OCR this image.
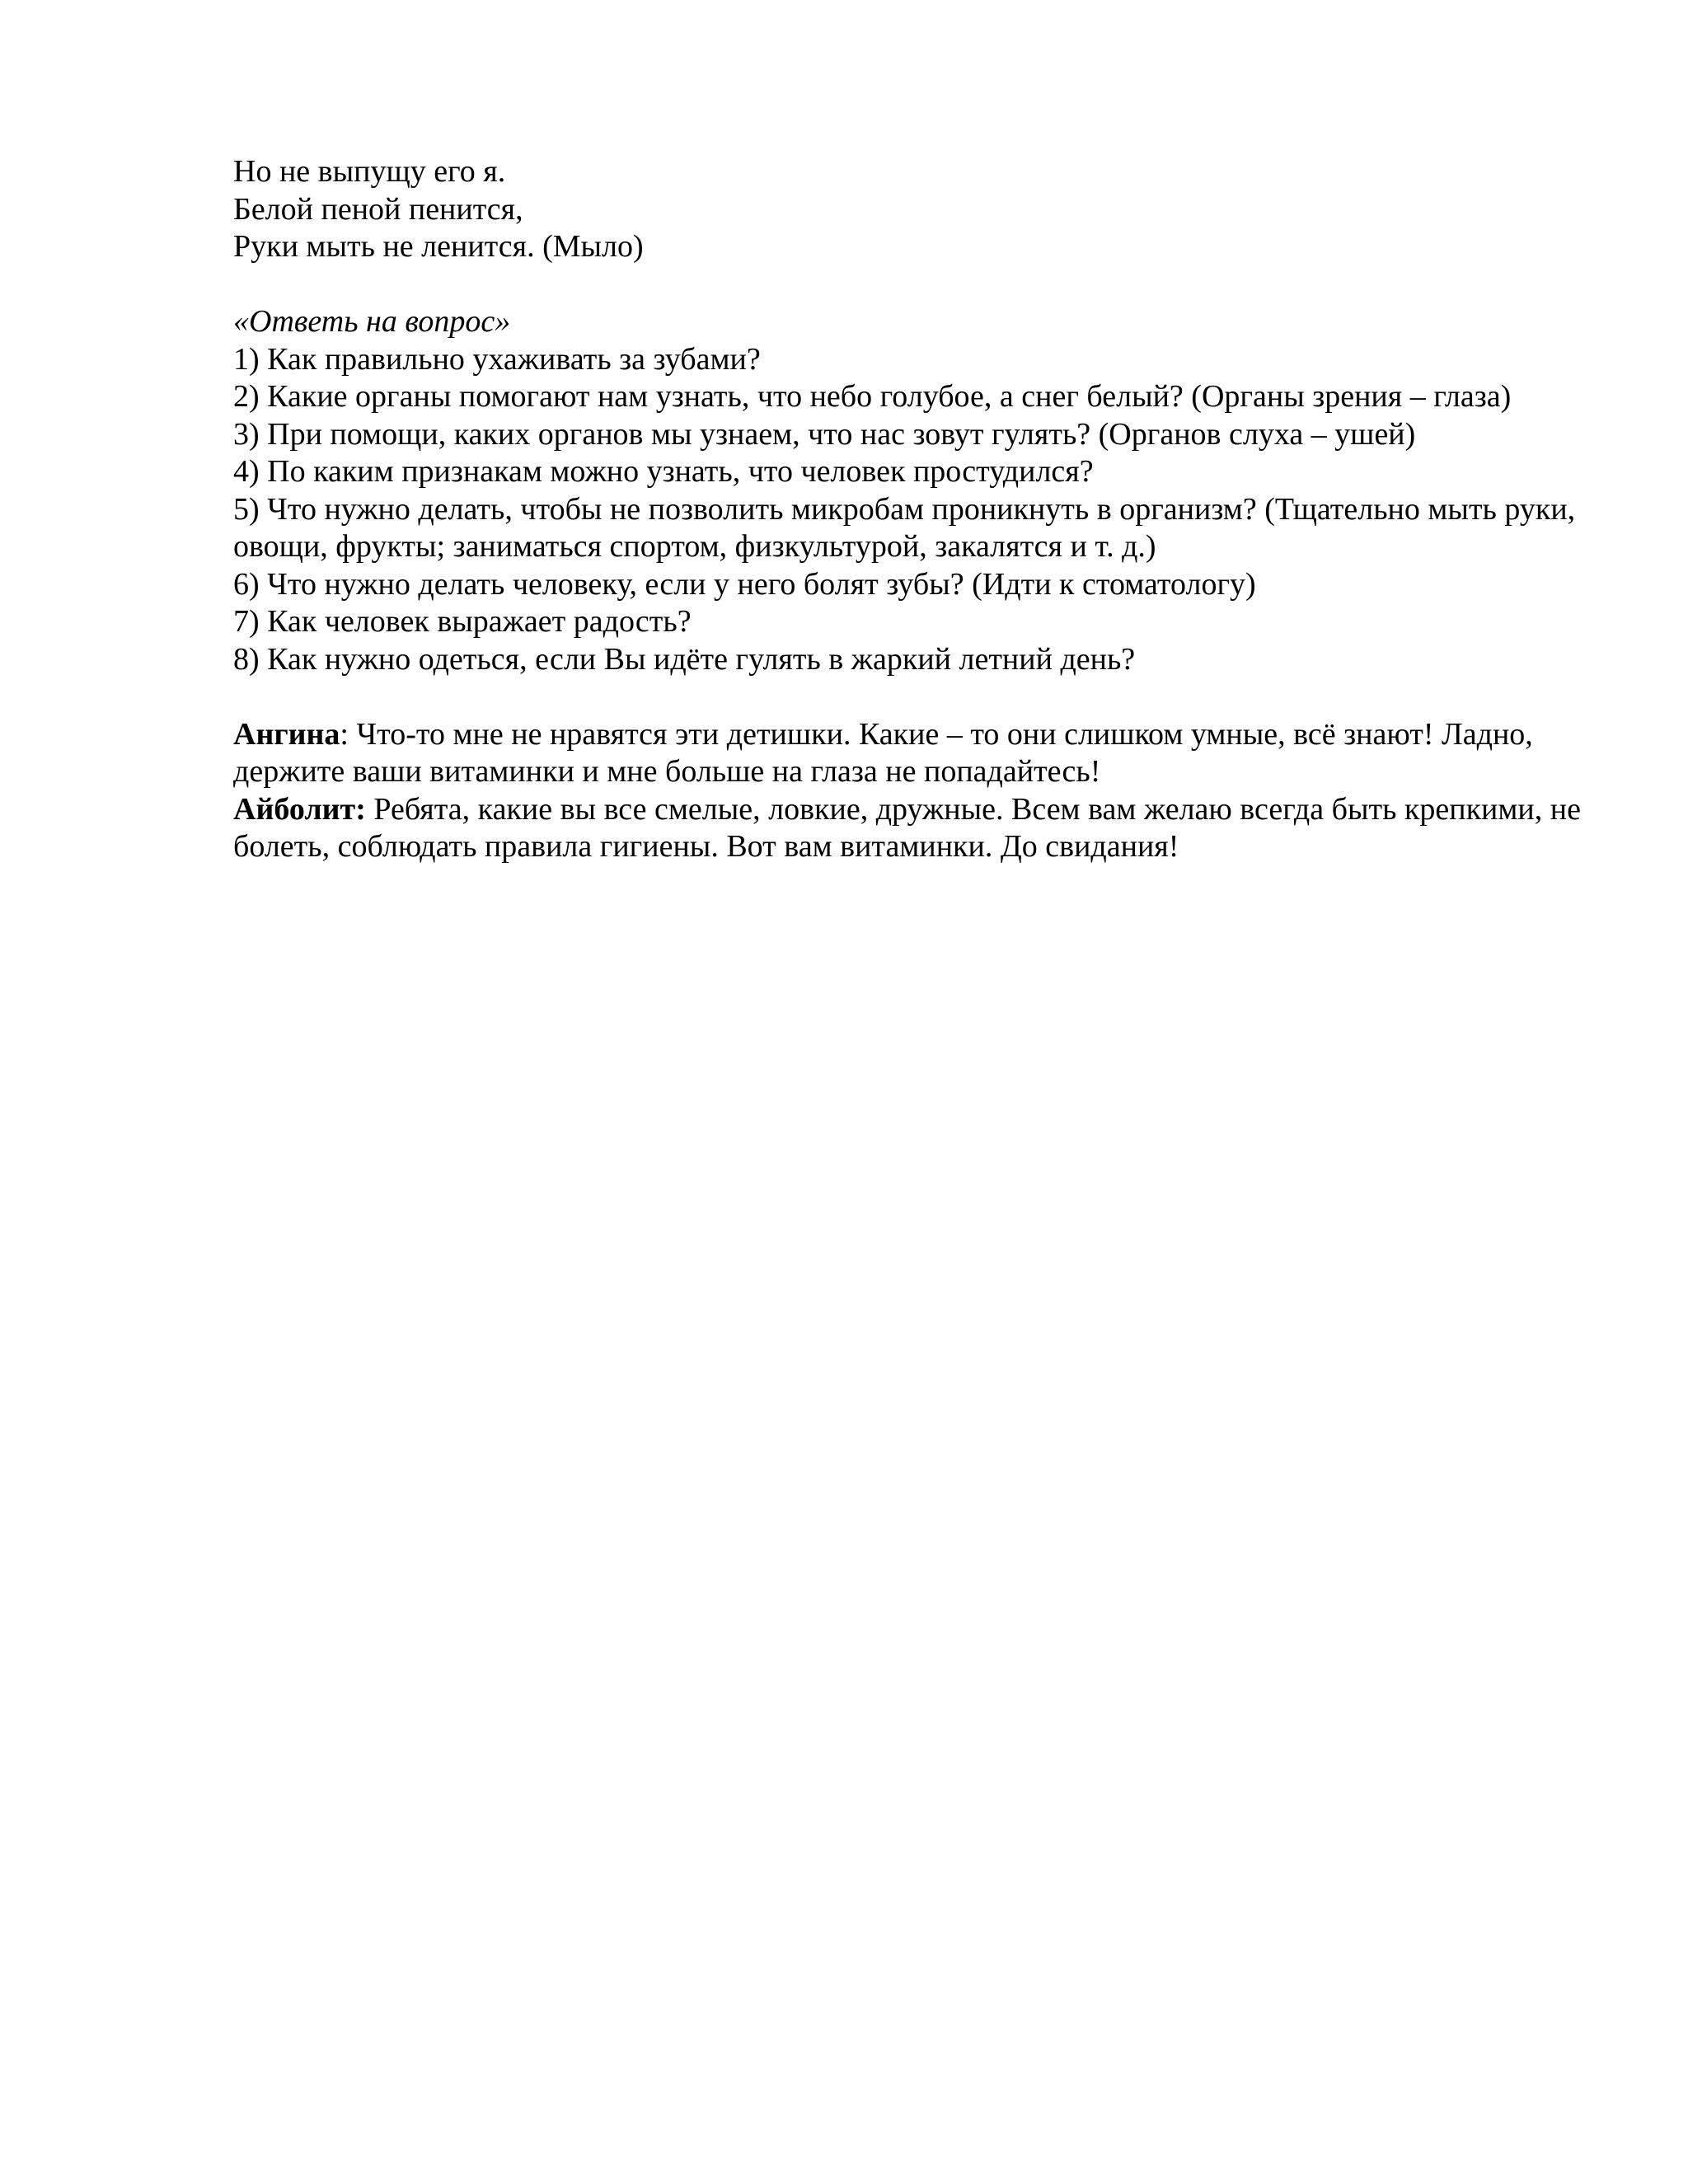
Но не выпущу его я.

Белой пеной пенится,

Руки мыть не ленится. (Мыло)

«Ответь на вопрос»

1) Как правильно ухаживать за зубами?

2) Какие органы помогают нам узнать, что небо голубое, а снег белый? (Органы зрения – глаза)

3) При помощи, каких органов мы узнаем, что нас зовут гулять? (Органов слуха – ушей)

4) По каким признакам можно узнать, что человек простудился?

5) Что нужно делать, чтобы не позволить микробам проникнуть в организм? (Тщательно мыть руки, овощи, фрукты; заниматься спортом, физкультурой, закалятся и т. д.)

6) Что нужно делать человеку, если у него болят зубы? (Идти к стоматологу)

7) Как человек выражает радость?

8) Как нужно одеться, если Вы идёте гулять в жаркий летний день?

Ангина: Что-то мне не нравятся эти детишки. Какие – то они слишком умные, всё знают! Ладно, держите ваши витаминки и мне больше на глаза не попадайтесь!

Айболит: Ребята, какие вы все смелые, ловкие, дружные. Всем вам желаю всегда быть крепкими, не болеть, соблюдать правила гигиены. Вот вам витаминки. До свидания!
